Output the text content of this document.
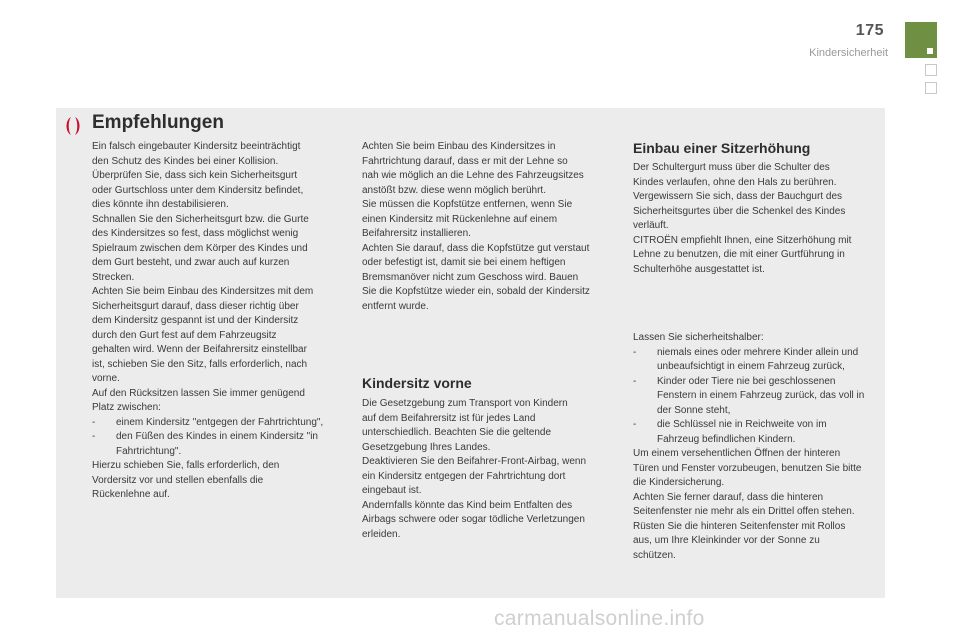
175
Kindersicherheit
Empfehlungen

Ein falsch eingebauter Kindersitz beeinträchtigt

den Schutz des Kindes bei einer Kollision.

Überprüfen Sie, dass sich kein Sicherheitsgurt

oder Gurtschloss unter dem Kindersitz befindet,

dies könnte ihn destabilisieren.

Schnallen Sie den Sicherheitsgurt bzw. die Gurte

des Kindersitzes so fest, dass möglichst wenig

Spielraum zwischen dem Körper des Kindes und

dem Gurt besteht, und zwar auch auf kurzen

Strecken.

Achten Sie beim Einbau des Kindersitzes mit dem

Sicherheitsgurt darauf, dass dieser richtig über

dem Kindersitz gespannt ist und der Kindersitz

durch den Gurt fest auf dem Fahrzeugsitz

gehalten wird. Wenn der Beifahrersitz einstellbar

ist, schieben Sie den Sitz, falls erforderlich, nach

vorne.

Auf den Rücksitzen lassen Sie immer genügend

Platz zwischen:

- einem Kindersitz "entgegen der Fahrtrichtung",

- den Füßen des Kindes in einem Kindersitz "in

Fahrtrichtung".

Hierzu schieben Sie, falls erforderlich, den

Vordersitz vor und stellen ebenfalls die

Rückenlehne auf.

Achten Sie beim Einbau des Kindersitzes in

Fahrtrichtung darauf, dass er mit der Lehne so

nah wie möglich an die Lehne des Fahrzeugsitzes

anstößt bzw. diese wenn möglich berührt.

Sie müssen die Kopfstütze entfernen, wenn Sie

einen Kindersitz mit Rückenlehne auf einem

Beifahrersitz installieren.

Achten Sie darauf, dass die Kopfstütze gut verstaut

oder befestigt ist, damit sie bei einem heftigen

Bremsmanöver nicht zum Geschoss wird. Bauen

Sie die Kopfstütze wieder ein, sobald der Kindersitz

entfernt wurde.

Kindersitz vorne

Die Gesetzgebung zum Transport von Kindern

auf dem Beifahrersitz ist für jedes Land

unterschiedlich. Beachten Sie die geltende

Gesetzgebung Ihres Landes.

Deaktivieren Sie den Beifahrer-Front-Airbag, wenn

ein Kindersitz entgegen der Fahrtrichtung dort

eingebaut ist.

Andernfalls könnte das Kind beim Entfalten des

Airbags schwere oder sogar tödliche Verletzungen

erleiden.

Einbau einer Sitzerhöhung

Der Schultergurt muss über die Schulter des

Kindes verlaufen, ohne den Hals zu berühren.

Vergewissern Sie sich, dass der Bauchgurt des

Sicherheitsgurtes über die Schenkel des Kindes

verläuft.

CITROËN empfiehlt Ihnen, eine Sitzerhöhung mit

Lehne zu benutzen, die mit einer Gurtführung in

Schulterhöhe ausgestattet ist.

Lassen Sie sicherheitshalber:

- niemals eines oder mehrere Kinder allein und

unbeaufsichtigt in einem Fahrzeug zurück,

- Kinder oder Tiere nie bei geschlossenen

Fenstern in einem Fahrzeug zurück, das voll in

der Sonne steht,

- die Schlüssel nie in Reichweite von im

Fahrzeug befindlichen Kindern.

Um einem versehentlichen Öffnen der hinteren

Türen und Fenster vorzubeugen, benutzen Sie bitte

die Kindersicherung.

Achten Sie ferner darauf, dass die hinteren

Seitenfenster nie mehr als ein Drittel offen stehen.

Rüsten Sie die hinteren Seitenfenster mit Rollos

aus, um Ihre Kleinkinder vor der Sonne zu

schützen.

carmanualsonline.info
